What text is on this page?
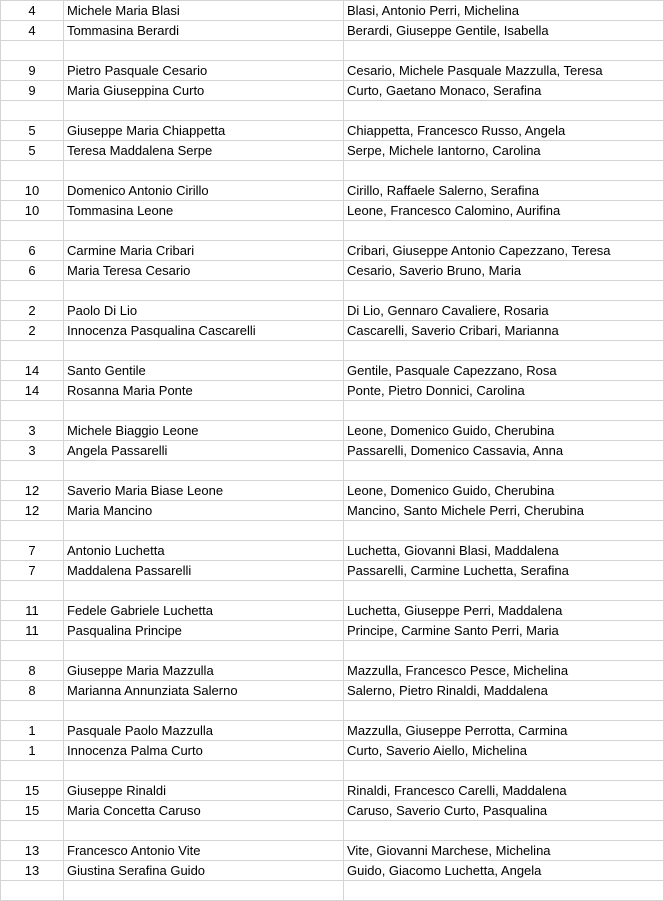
4	Michele Maria Blasi	Blasi, Antonio Perri, Michelina
4	Tommasina Berardi	Berardi, Giuseppe Gentile, Isabella

9	Pietro Pasquale Cesario	Cesario, Michele Pasquale Mazzulla, Teresa
9	Maria Giuseppina Curto	Curto, Gaetano Monaco, Serafina

5	Giuseppe Maria Chiappetta	Chiappetta, Francesco Russo, Angela
5	Teresa Maddalena Serpe	Serpe, Michele Iantorno, Carolina

10	Domenico Antonio Cirillo	Cirillo, Raffaele Salerno, Serafina
10	Tommasina Leone	Leone, Francesco Calomino, Aurifina

6	Carmine Maria Cribari	Cribari, Giuseppe Antonio Capezzano, Teresa
6	Maria Teresa Cesario	Cesario, Saverio Bruno, Maria

2	Paolo Di Lio	Di Lio, Gennaro Cavaliere, Rosaria
2	Innocenza Pasqualina Cascarelli	Cascarelli, Saverio Cribari, Marianna

14	Santo Gentile	Gentile, Pasquale Capezzano, Rosa
14	Rosanna Maria Ponte	Ponte, Pietro Donnici, Carolina

3	Michele Biaggio Leone	Leone, Domenico Guido, Cherubina
3	Angela Passarelli	Passarelli, Domenico Cassavia, Anna

12	Saverio Maria Biase Leone	Leone, Domenico Guido, Cherubina
12	Maria Mancino	Mancino, Santo Michele Perri, Cherubina

7	Antonio Luchetta	Luchetta, Giovanni Blasi, Maddalena
7	Maddalena Passarelli	Passarelli, Carmine Luchetta, Serafina

11	Fedele Gabriele Luchetta	Luchetta, Giuseppe Perri, Maddalena
11	Pasqualina Principe	Principe, Carmine Santo Perri, Maria

8	Giuseppe Maria Mazzulla	Mazzulla, Francesco Pesce, Michelina
8	Marianna Annunziata Salerno	Salerno, Pietro Rinaldi, Maddalena

1	Pasquale Paolo Mazzulla	Mazzulla, Giuseppe Perrotta, Carmina
1	Innocenza Palma Curto	Curto, Saverio Aiello, Michelina

15	Giuseppe Rinaldi	Rinaldi, Francesco Carelli, Maddalena
15	Maria Concetta Caruso	Caruso, Saverio Curto, Pasqualina

13	Francesco Antonio Vite	Vite, Giovanni Marchese, Michelina
13	Giustina Serafina Guido	Guido, Giacomo Luchetta, Angela
